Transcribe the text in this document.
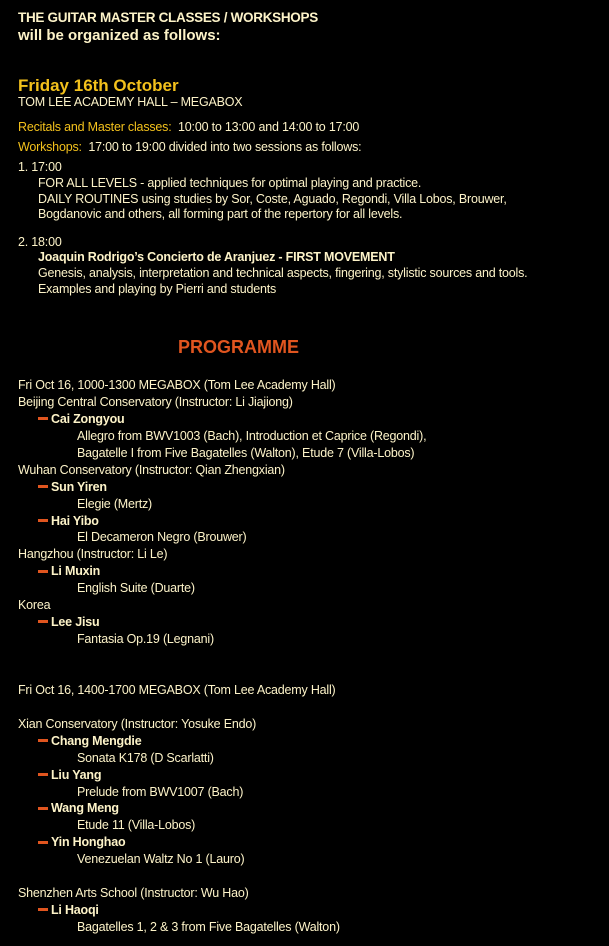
THE GUITAR MASTER CLASSES / WORKSHOPS
will be organized as follows:
Friday 16th October
TOM LEE ACADEMY HALL – MEGABOX
Recitals and Master classes: 10:00 to 13:00 and 14:00 to 17:00
Workshops: 17:00 to 19:00 divided into two sessions as follows:
1. 17:00
FOR ALL LEVELS - applied techniques for optimal playing and practice.
DAILY ROUTINES using studies by Sor, Coste, Aguado, Regondi, Villa Lobos, Brouwer,
Bogdanovic and others, all forming part of the repertory for all levels.
2. 18:00
Joaquin Rodrigo’s Concierto de Aranjuez - FIRST MOVEMENT
Genesis, analysis, interpretation and technical aspects, fingering, stylistic sources and tools.
Examples and playing by Pierri and students
PROGRAMME
Fri Oct 16, 1000-1300 MEGABOX (Tom Lee Academy Hall)
Beijing Central Conservatory (Instructor: Li Jiajiong)
Cai Zongyou
Allegro from BWV1003 (Bach), Introduction et Caprice (Regondi),
Bagatelle I from Five Bagatelles (Walton), Etude 7 (Villa-Lobos)
Wuhan Conservatory (Instructor: Qian Zhengxian)
Sun Yiren
Elegie (Mertz)
Hai Yibo
El Decameron Negro (Brouwer)
Hangzhou (Instructor: Li Le)
Li Muxin
English Suite (Duarte)
Korea
Lee Jisu
Fantasia Op.19 (Legnani)
Fri Oct 16, 1400-1700 MEGABOX (Tom Lee Academy Hall)
Xian Conservatory (Instructor: Yosuke Endo)
Chang Mengdie
Sonata K178 (D Scarlatti)
Liu Yang
Prelude from BWV1007 (Bach)
Wang Meng
Etude 11 (Villa-Lobos)
Yin Honghao
Venezuelan Waltz No 1 (Lauro)
Shenzhen Arts School (Instructor: Wu Hao)
Li Haoqi
Bagatelles 1, 2 & 3 from Five Bagatelles (Walton)
